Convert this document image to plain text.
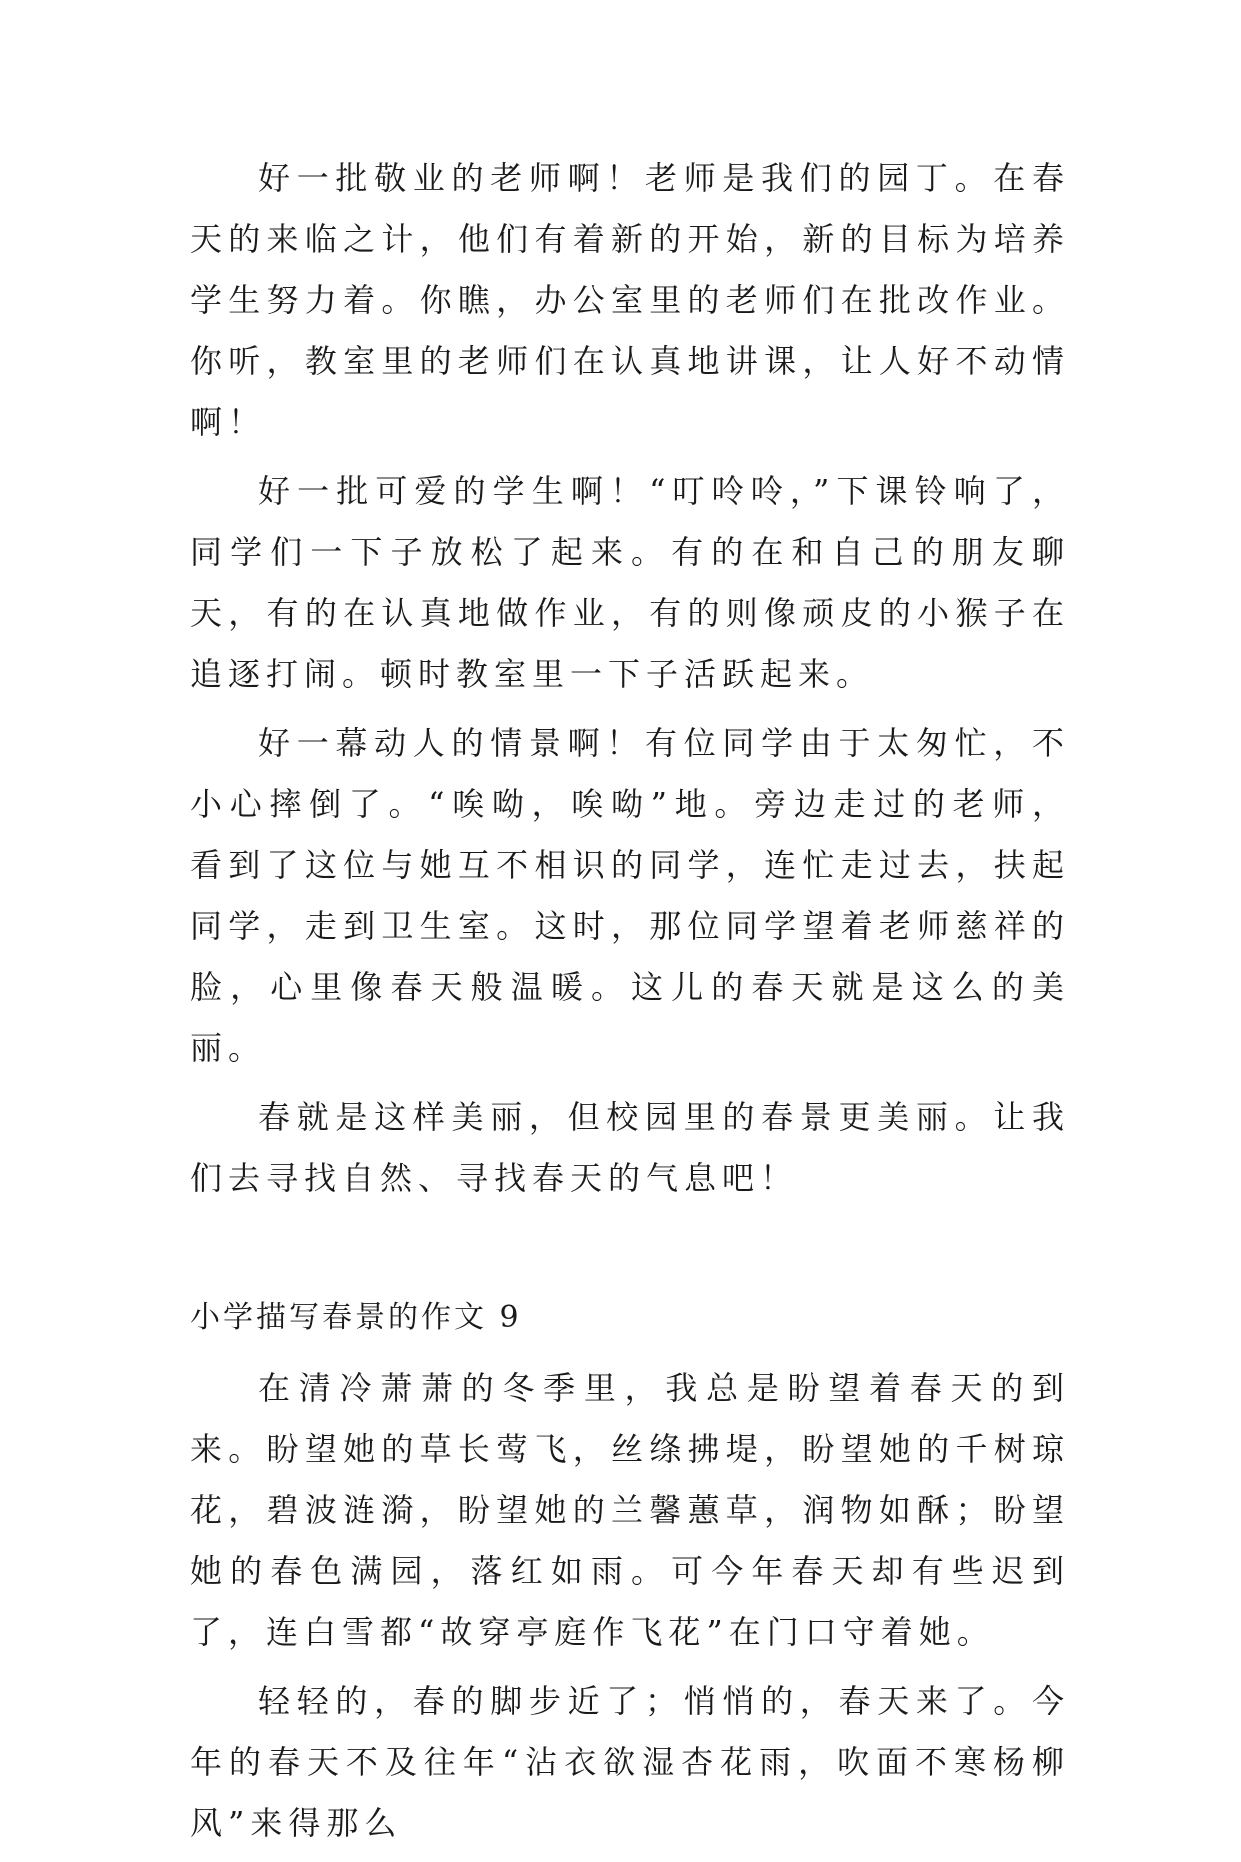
好一批敬业的老师啊！老师是我们的园丁。在春天的来临之计，他们有着新的开始，新的目标为培养学生努力着。你瞧，办公室里的老师们在批改作业。你听，教室里的老师们在认真地讲课，让人好不动情啊！

好一批可爱的学生啊！“叮呤呤，”下课铃响了，同学们一下子放松了起来。有的在和自己的朋友聊天，有的在认真地做作业，有的则像顽皮的小猴子在追逐打闹。顿时教室里一下子活跃起来。

好一幕动人的情景啊！有位同学由于太匆忙，不小心摔倒了。“唉呦，唉呦”地。旁边走过的老师，看到了这位与她互不相识的同学，连忙走过去，扶起同学，走到卫生室。这时，那位同学望着老师慈祥的脸，心里像春天般温暖。这儿的春天就是这么的美丽。

春就是这样美丽，但校园里的春景更美丽。让我们去寻找自然、寻找春天的气息吧！

小学描写春景的作文 9

在清冷萧萧的冬季里，我总是盼望着春天的到来。盼望她的草长莺飞，丝绦拂堤，盼望她的千树琼花，碧波涟漪，盼望她的兰馨蕙草，润物如酥；盼望她的春色满园，落红如雨。可今年春天却有些迟到了，连白雪都“故穿亭庭作飞花”在门口守着她。

轻轻的，春的脚步近了；悄悄的，春天来了。今年的春天不及往年“沾衣欲湿杏花雨，吹面不寒杨柳风”来得那么
